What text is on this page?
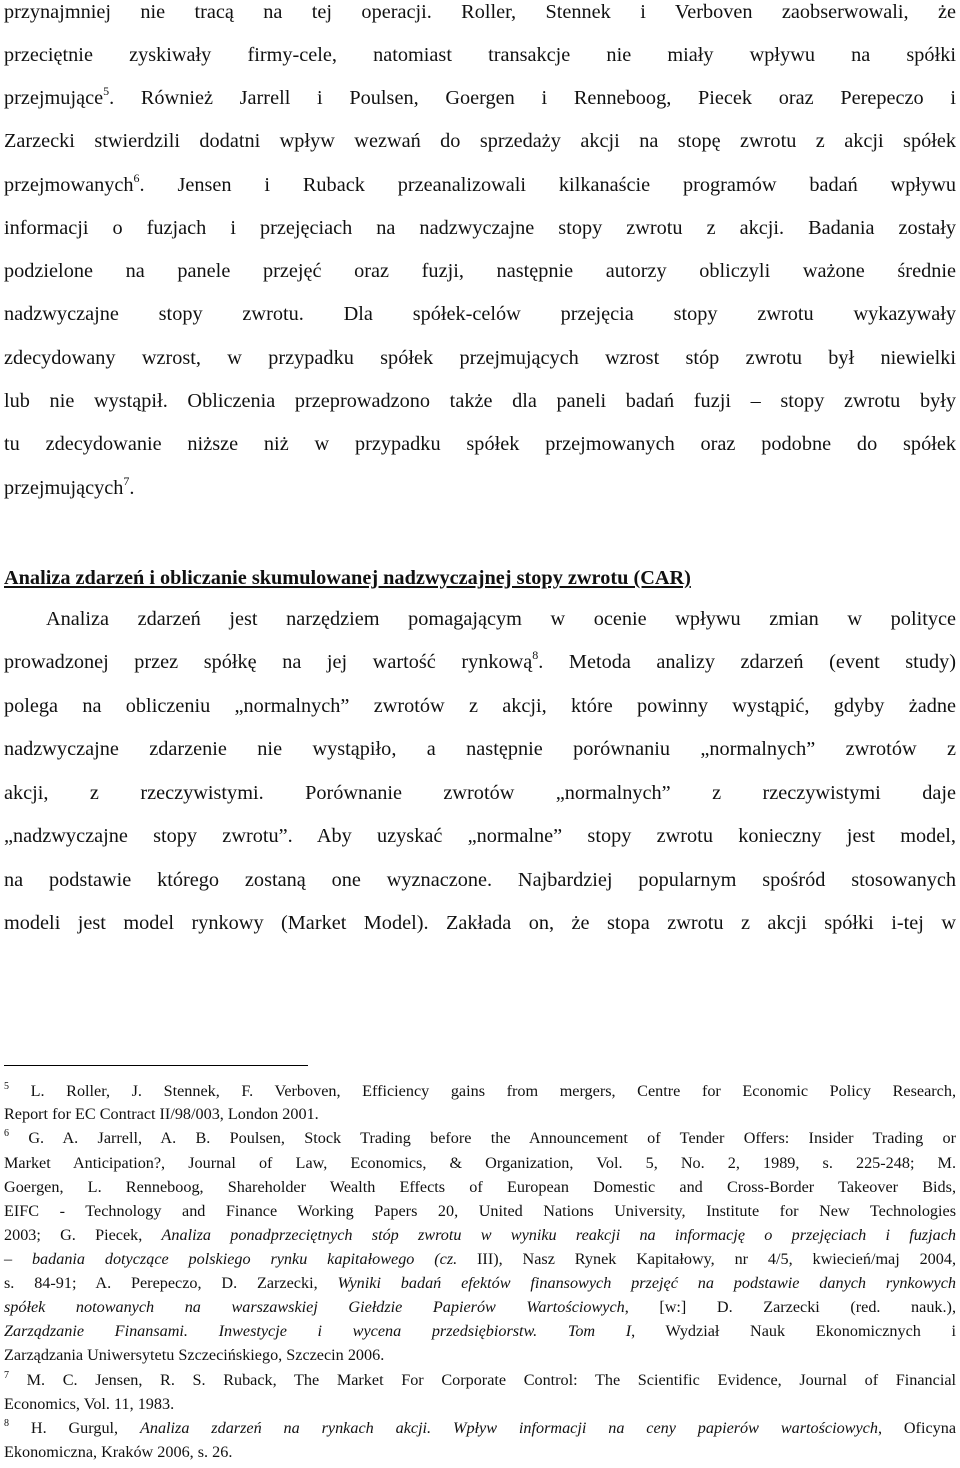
przynajmniej nie tracą na tej operacji. Roller, Stennek i Verboven zaobserwowali, że
przeciętnie zyskiwały firmy-cele, natomiast transakcje nie miały wpływu na spółki
przejmujące$^5$. Również Jarrell i Poulsen, Goergen i Renneboog, Piecek oraz Perepeczo i
Zarzecki stwierdzili dodatni wpływ wezwań do sprzedaży akcji na stopę zwrotu z akcji spółek
przejmowanych$^6$. Jensen i Ruback przeanalizowali kilkanaście programów badań wpływu
informacji o fuzjach i przejęciach na nadzwyczajne stopy zwrotu z akcji. Badania zostały
podzielone na panele przejęć oraz fuzji, następnie autorzy obliczyli ważone średnie
nadzwyczajne stopy zwrotu. Dla spółek-celów przejęcia stopy zwrotu wykazywały
zdecydowany wzrost, w przypadku spółek przejmujących wzrost stóp zwrotu był niewielki
lub nie wystąpił. Obliczenia przeprowadzono także dla paneli badań fuzji – stopy zwrotu były
tu zdecydowanie niższe niż w przypadku spółek przejmowanych oraz podobne do spółek
przejmujących$^7$.
Analiza zdarzeń i obliczanie skumulowanej nadzwyczajnej stopy zwrotu (CAR)
Analiza zdarzeń jest narzędziem pomagającym w ocenie wpływu zmian w polityce
prowadzonej przez spółkę na jej wartość rynkową$^8$. Metoda analizy zdarzeń (event study)
polega na obliczeniu „normalnych” zwrotów z akcji, które powinny wystąpić, gdyby żadne
nadzwyczajne zdarzenie nie wystąpiło, a następnie porównaniu „normalnych” zwrotów z
akcji, z rzeczywistymi. Porównanie zwrotów „normalnych” z rzeczywistymi daje
„nadzwyczajne stopy zwrotu”. Aby uzyskać „normalne” stopy zwrotu konieczny jest model,
na podstawie którego zostaną one wyznaczone. Najbardziej popularnym spośród stosowanych
modeli jest model rynkowy (Market Model). Zakłada on, że stopa zwrotu z akcji spółki i-tej w
$^5$ L. Roller, J. Stennek, F. Verboven, Efficiency gains from mergers, Centre for Economic Policy Research,
Report for EC Contract II/98/003, London 2001.
$^6$ G. A. Jarrell, A. B. Poulsen, Stock Trading before the Announcement of Tender Offers: Insider Trading or
Market Anticipation?, Journal of Law, Economics, & Organization, Vol. 5, No. 2, 1989, s. 225-248; M.
Goergen, L. Renneboog, Shareholder Wealth Effects of European Domestic and Cross-Border Takeover Bids,
EIFC - Technology and Finance Working Papers 20, United Nations University, Institute for New Technologies
2003; G. Piecek, Analiza ponadprzeciętnych stóp zwrotu w wyniku reakcji na informację o przejęciach i fuzjach
– badania dotyczące polskiego rynku kapitałowego (cz. III), Nasz Rynek Kapitałowy, nr 4/5, kwiecień/maj 2004,
s. 84-91; A. Perepeczo, D. Zarzecki, Wyniki badań efektów finansowych przejęć na podstawie danych rynkowych
spółek notowanych na warszawskiej Giełdzie Papierów Wartościowych, [w:] D. Zarzecki (red. nauk.),
Zarządzanie Finansami. Inwestycje i wycena przedsiębiorstw. Tom I, Wydział Nauk Ekonomicznych i
Zarządzania Uniwersytetu Szczecińskiego, Szczecin 2006.
$^7$ M. C. Jensen, R. S. Ruback, The Market For Corporate Control: The Scientific Evidence, Journal of Financial
Economics, Vol. 11, 1983.
$^8$ H. Gurgul, Analiza zdarzeń na rynkach akcji. Wpływ informacji na ceny papierów wartościowych, Oficyna
Ekonomiczna, Kraków 2006, s. 26.
